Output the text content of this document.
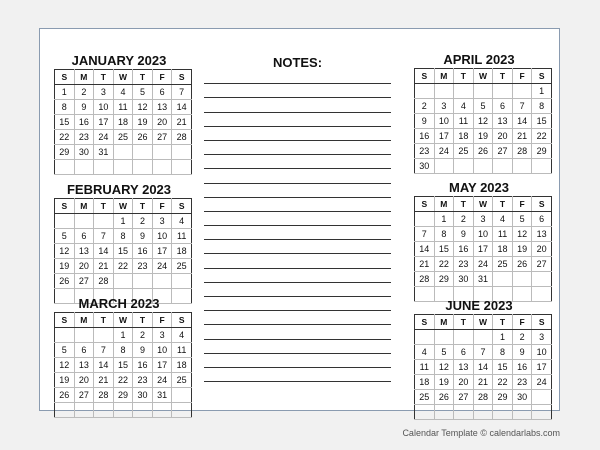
JANUARY 2023
S	M	T	W	T	F	S
1	2	3	4	5	6	7
8	9	10	11	12	13	14
15	16	17	18	19	20	21
22	23	24	25	26	27	28
29	30	31				

FEBRUARY 2023
S	M	T	W	T	F	S
			1	2	3	4
5	6	7	8	9	10	11
12	13	14	15	16	17	18
19	20	21	22	23	24	25
26	27	28				

MARCH 2023
S	M	T	W	T	F	S
			1	2	3	4
5	6	7	8	9	10	11
12	13	14	15	16	17	18
19	20	21	22	23	24	25
26	27	28	29	30	31	

APRIL 2023
S	M	T	W	T	F	S
						1
2	3	4	5	6	7	8
9	10	11	12	13	14	15
16	17	18	19	20	21	22
23	24	25	26	27	28	29
30						
MAY 2023
S	M	T	W	T	F	S
	1	2	3	4	5	6
7	8	9	10	11	12	13
14	15	16	17	18	19	20
21	22	23	24	25	26	27
28	29	30	31			

JUNE 2023
S	M	T	W	T	F	S
				1	2	3
4	5	6	7	8	9	10
11	12	13	14	15	16	17
18	19	20	21	22	23	24
25	26	27	28	29	30	

NOTES:
Calendar Template © calendarlabs.com
